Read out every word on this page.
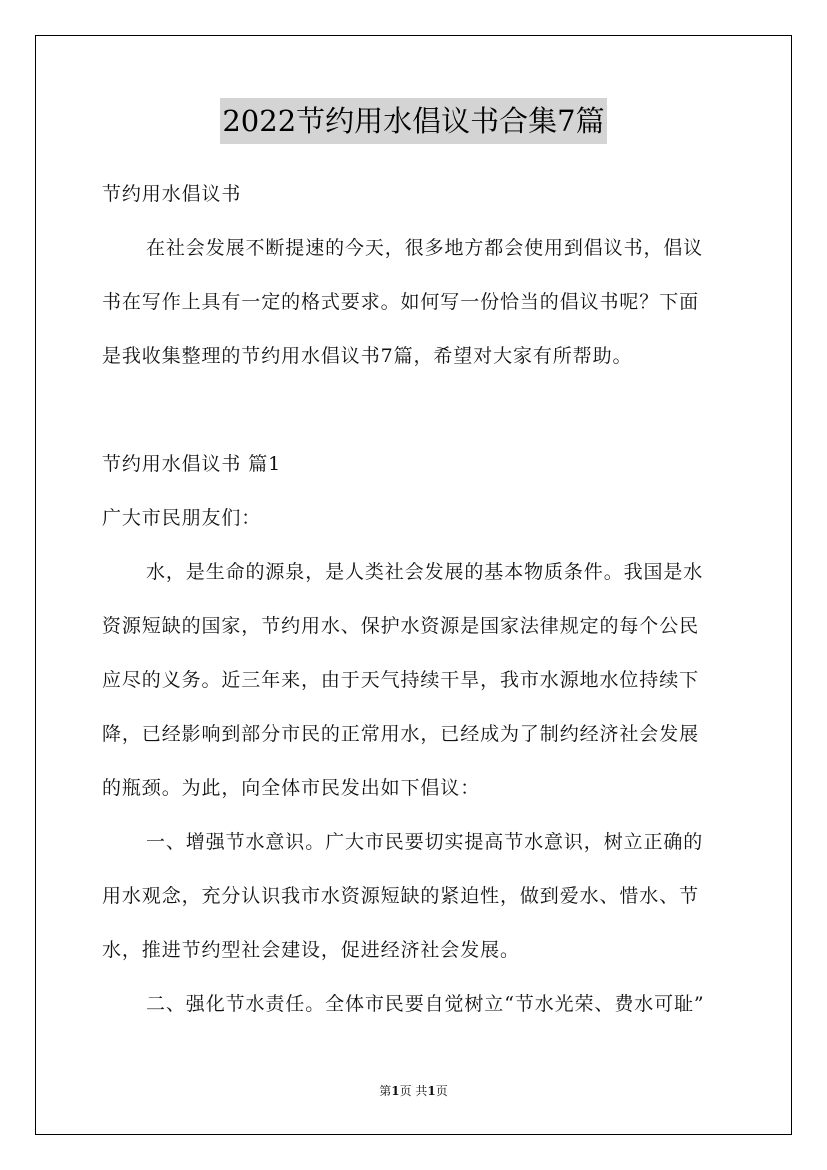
2022节约用水倡议书合集7篇
节约用水倡议书
在社会发展不断提速的今天，很多地方都会使用到倡议书，倡议
书在写作上具有一定的格式要求。如何写一份恰当的倡议书呢？下面
是我收集整理的节约用水倡议书7篇，希望对大家有所帮助。
节约用水倡议书 篇1
广大市民朋友们：
水，是生命的源泉，是人类社会发展的基本物质条件。我国是水
资源短缺的国家，节约用水、保护水资源是国家法律规定的每个公民
应尽的义务。近三年来，由于天气持续干旱，我市水源地水位持续下
降，已经影响到部分市民的正常用水，已经成为了制约经济社会发展
的瓶颈。为此，向全体市民发出如下倡议：
一、增强节水意识。广大市民要切实提高节水意识，树立正确的
用水观念，充分认识我市水资源短缺的紧迫性，做到爱水、惜水、节
水，推进节约型社会建设，促进经济社会发展。
二、强化节水责任。全体市民要自觉树立“节水光荣、费水可耻”
第1页 共1页
